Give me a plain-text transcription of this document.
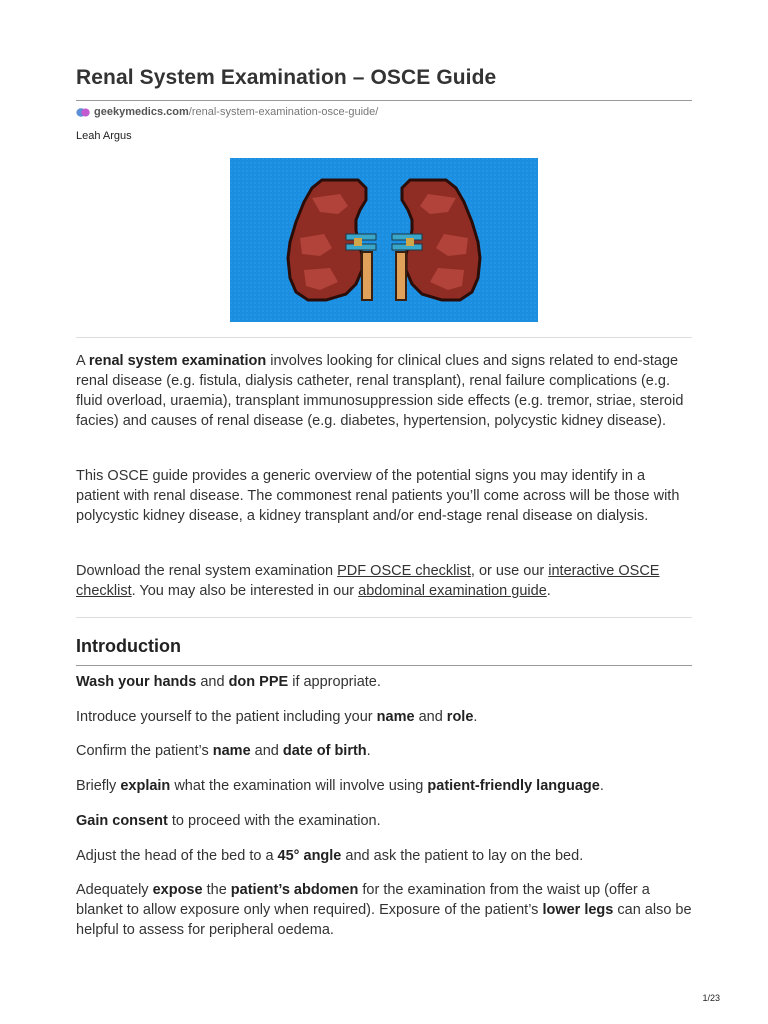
Renal System Examination – OSCE Guide
geekymedics.com /renal-system-examination-osce-guide/
Leah Argus

A renal system examination involves looking for clinical clues and signs related to end-stage renal disease (e.g. fistula, dialysis catheter, renal transplant), renal failure complications (e.g. fluid overload, uraemia), transplant immunosuppression side effects (e.g. tremor, striae, steroid facies) and causes of renal disease (e.g. diabetes, hypertension, polycystic kidney disease).

This OSCE guide provides a generic overview of the potential signs you may identify in a patient with renal disease. The commonest renal patients you’ll come across will be those with polycystic kidney disease, a kidney transplant and/or end-stage renal disease on dialysis.

Download the renal system examination PDF OSCE checklist, or use our interactive OSCE checklist. You may also be interested in our abdominal examination guide.

Introduction

Wash your hands and don PPE if appropriate.

Introduce yourself to the patient including your name and role.

Confirm the patient’s name and date of birth.

Briefly explain what the examination will involve using patient-friendly language.

Gain consent to proceed with the examination.

Adjust the head of the bed to a 45° angle and ask the patient to lay on the bed.

Adequately expose the patient’s abdomen for the examination from the waist up (offer a blanket to allow exposure only when required). Exposure of the patient’s lower legs can also be helpful to assess for peripheral oedema.

1/23
